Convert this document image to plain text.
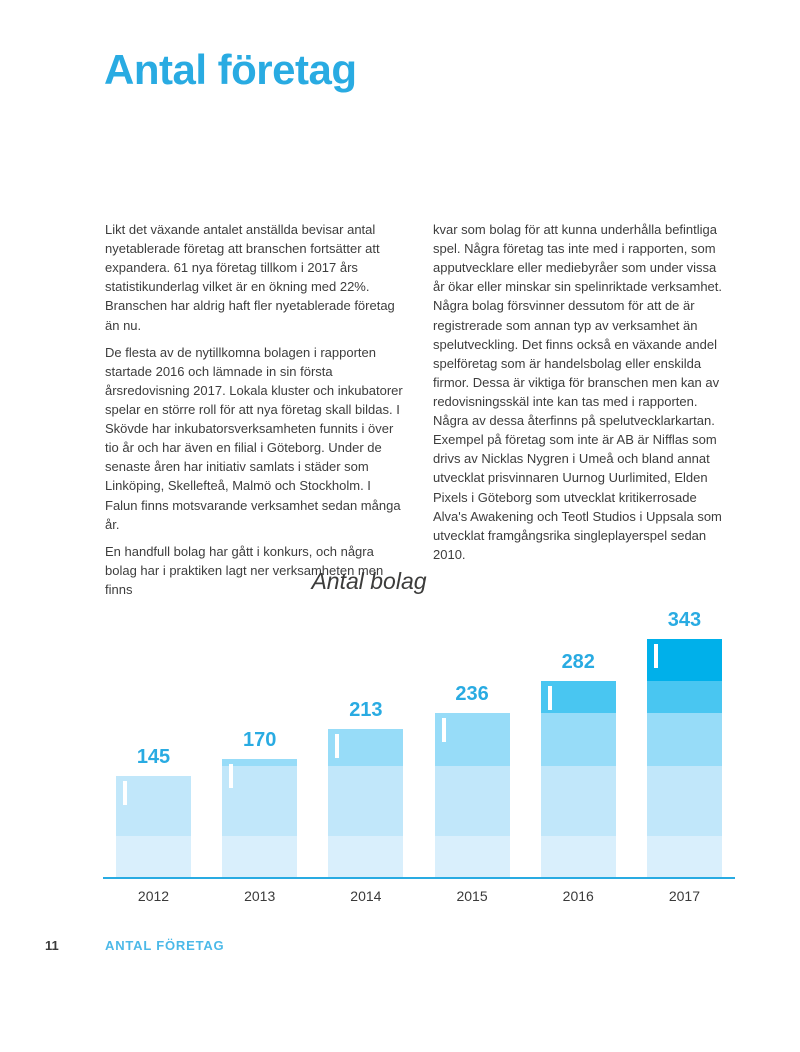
Antal företag

Likt det växande antalet anställda bevisar antal nyetablerade företag att branschen fortsätter att expandera. 61 nya företag tillkom i 2017 års statistikunderlag vilket är en ökning med 22%. Branschen har aldrig haft fler nyetablerade företag än nu.

De flesta av de nytillkomna bolagen i rapporten startade 2016 och lämnade in sin första årsredovisning 2017. Lokala kluster och inkubatorer spelar en större roll för att nya företag skall bildas. I Skövde har inkubatorsverksamheten funnits i över tio år och har även en filial i Göteborg. Under de senaste åren har initiativ samlats i städer som Linköping, Skellefteå, Malmö och Stockholm. I Falun finns motsvarande verksamhet sedan många år.

En handfull bolag har gått i konkurs, och några bolag har i praktiken lagt ner verksamheten men finns

kvar som bolag för att kunna underhålla befintliga spel. Några företag tas inte med i rapporten, som apputvecklare eller mediebyråer som under vissa år ökar eller minskar sin spelinriktade verksamhet. Några bolag försvinner dessutom för att de är registrerade som annan typ av verksamhet än spelutveckling. Det finns också en växande andel spelföretag som är handelsbolag eller enskilda firmor. Dessa är viktiga för branschen men kan av redovisningsskäl inte kan tas med i rapporten. Några av dessa återfinns på spelutvecklarkartan. Exempel på företag som inte är AB är Nifflas som drivs av Nicklas Nygren i Umeå och bland annat utvecklat prisvinnaren Uurnog Uurlimited, Elden Pixels i Göteborg som utvecklat kritikerrosade Alva's Awakening och Teotl Studios i Uppsala som utvecklat framgångsrika singleplayerspel sedan 2010.

Antal bolag
145
170
213
236
282
343
2012	2013	2014	2015	2016	2017
11	ANTAL FÖRETAG
